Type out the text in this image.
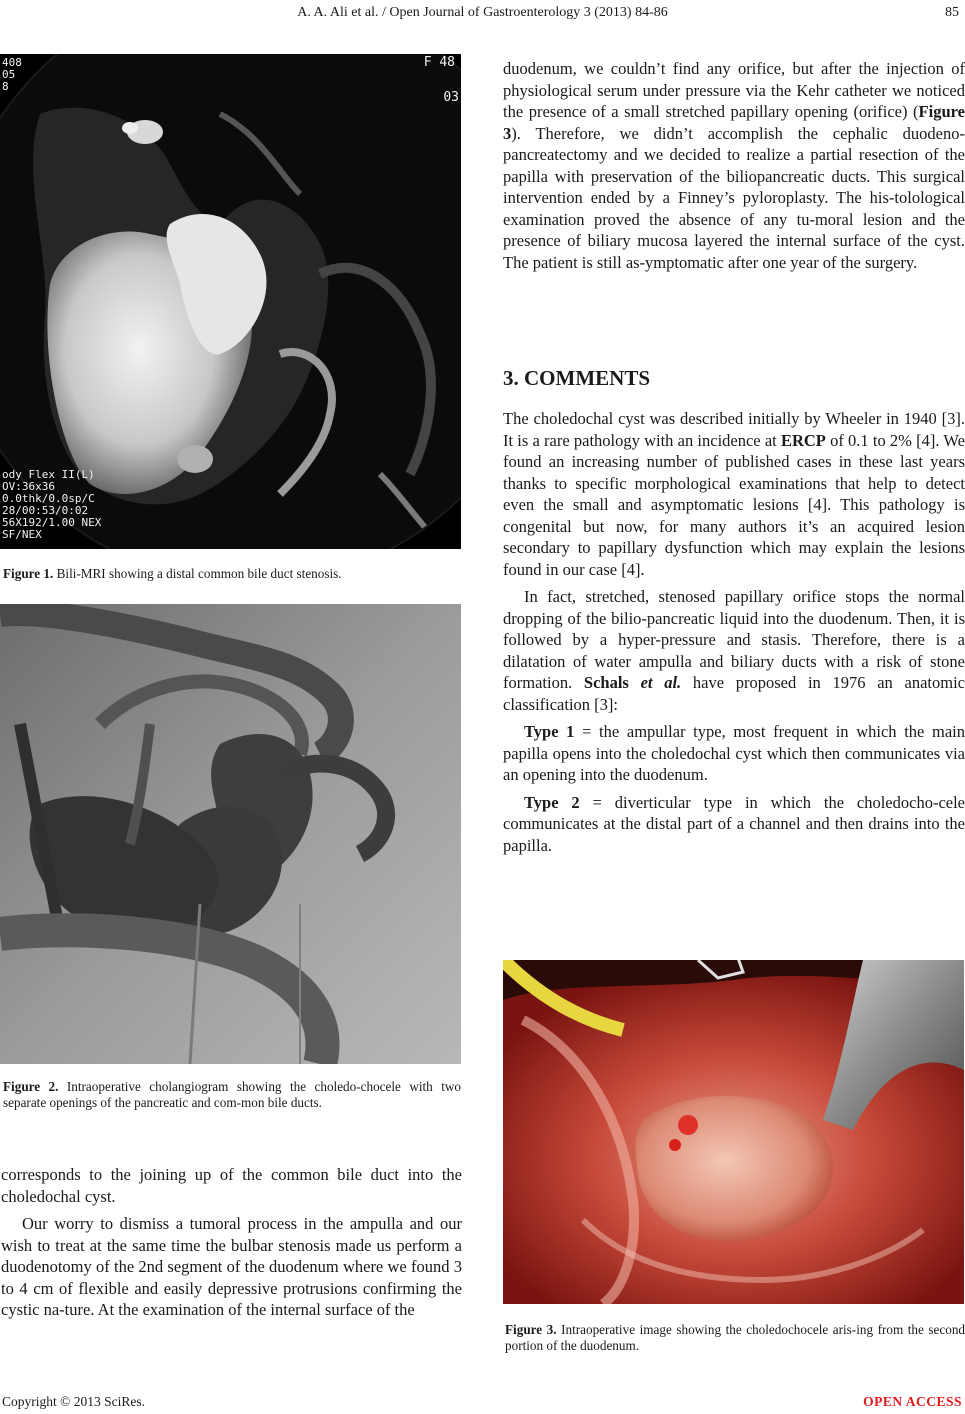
A. A. Ali et al. / Open Journal of Gastroenterology 3 (2013) 84-86	85
408
05
8
F 48
03
ody Flex II(L)
OV:36x36
0.0thk/0.0sp/C
28/00:53/0:02
56X192/1.00 NEX
SF/NEX
Figure 1. Bili-MRI showing a distal common bile duct stenosis.
Figure 2. Intraoperative cholangiogram showing the choledo-chocele with two separate openings of the pancreatic and com-mon bile ducts.

corresponds to the joining up of the common bile duct into the choledochal cyst.

Our worry to dismiss a tumoral process in the ampulla and our wish to treat at the same time the bulbar stenosis made us perform a duodenotomy of the 2nd segment of the duodenum where we found 3 to 4 cm of flexible and easily depressive protrusions confirming the cystic na-ture. At the examination of the internal surface of the

duodenum, we couldn’t find any orifice, but after the injection of physiological serum under pressure via the Kehr catheter we noticed the presence of a small stretched papillary opening (orifice) (Figure 3). Therefore, we didn’t accomplish the cephalic duodeno-pancreatectomy and we decided to realize a partial resection of the papilla with preservation of the biliopancreatic ducts. This surgical intervention ended by a Finney’s pyloroplasty. The his-tolological examination proved the absence of any tu-moral lesion and the presence of biliary mucosa layered the internal surface of the cyst. The patient is still as-ymptomatic after one year of the surgery.

3. COMMENTS

The choledochal cyst was described initially by Wheeler in 1940 [3]. It is a rare pathology with an incidence at ERCP of 0.1 to 2% [4]. We found an increasing number of published cases in these last years thanks to specific morphological examinations that help to detect even the small and asymptomatic lesions [4]. This pathology is congenital but now, for many authors it’s an acquired lesion secondary to papillary dysfunction which may explain the lesions found in our case [4].

In fact, stretched, stenosed papillary orifice stops the normal dropping of the bilio-pancreatic liquid into the duodenum. Then, it is followed by a hyper-pressure and stasis. Therefore, there is a dilatation of water ampulla and biliary ducts with a risk of stone formation. Schals et al. have proposed in 1976 an anatomic classification [3]:

Type 1 = the ampullar type, most frequent in which the main papilla opens into the choledochal cyst which then communicates via an opening into the duodenum.

Type 2 = diverticular type in which the choledocho-cele communicates at the distal part of a channel and then drains into the papilla.

Figure 3. Intraoperative image showing the choledochocele aris-ing from the second portion of the duodenum.
Copyright © 2013 SciRes.	OPEN ACCESS
